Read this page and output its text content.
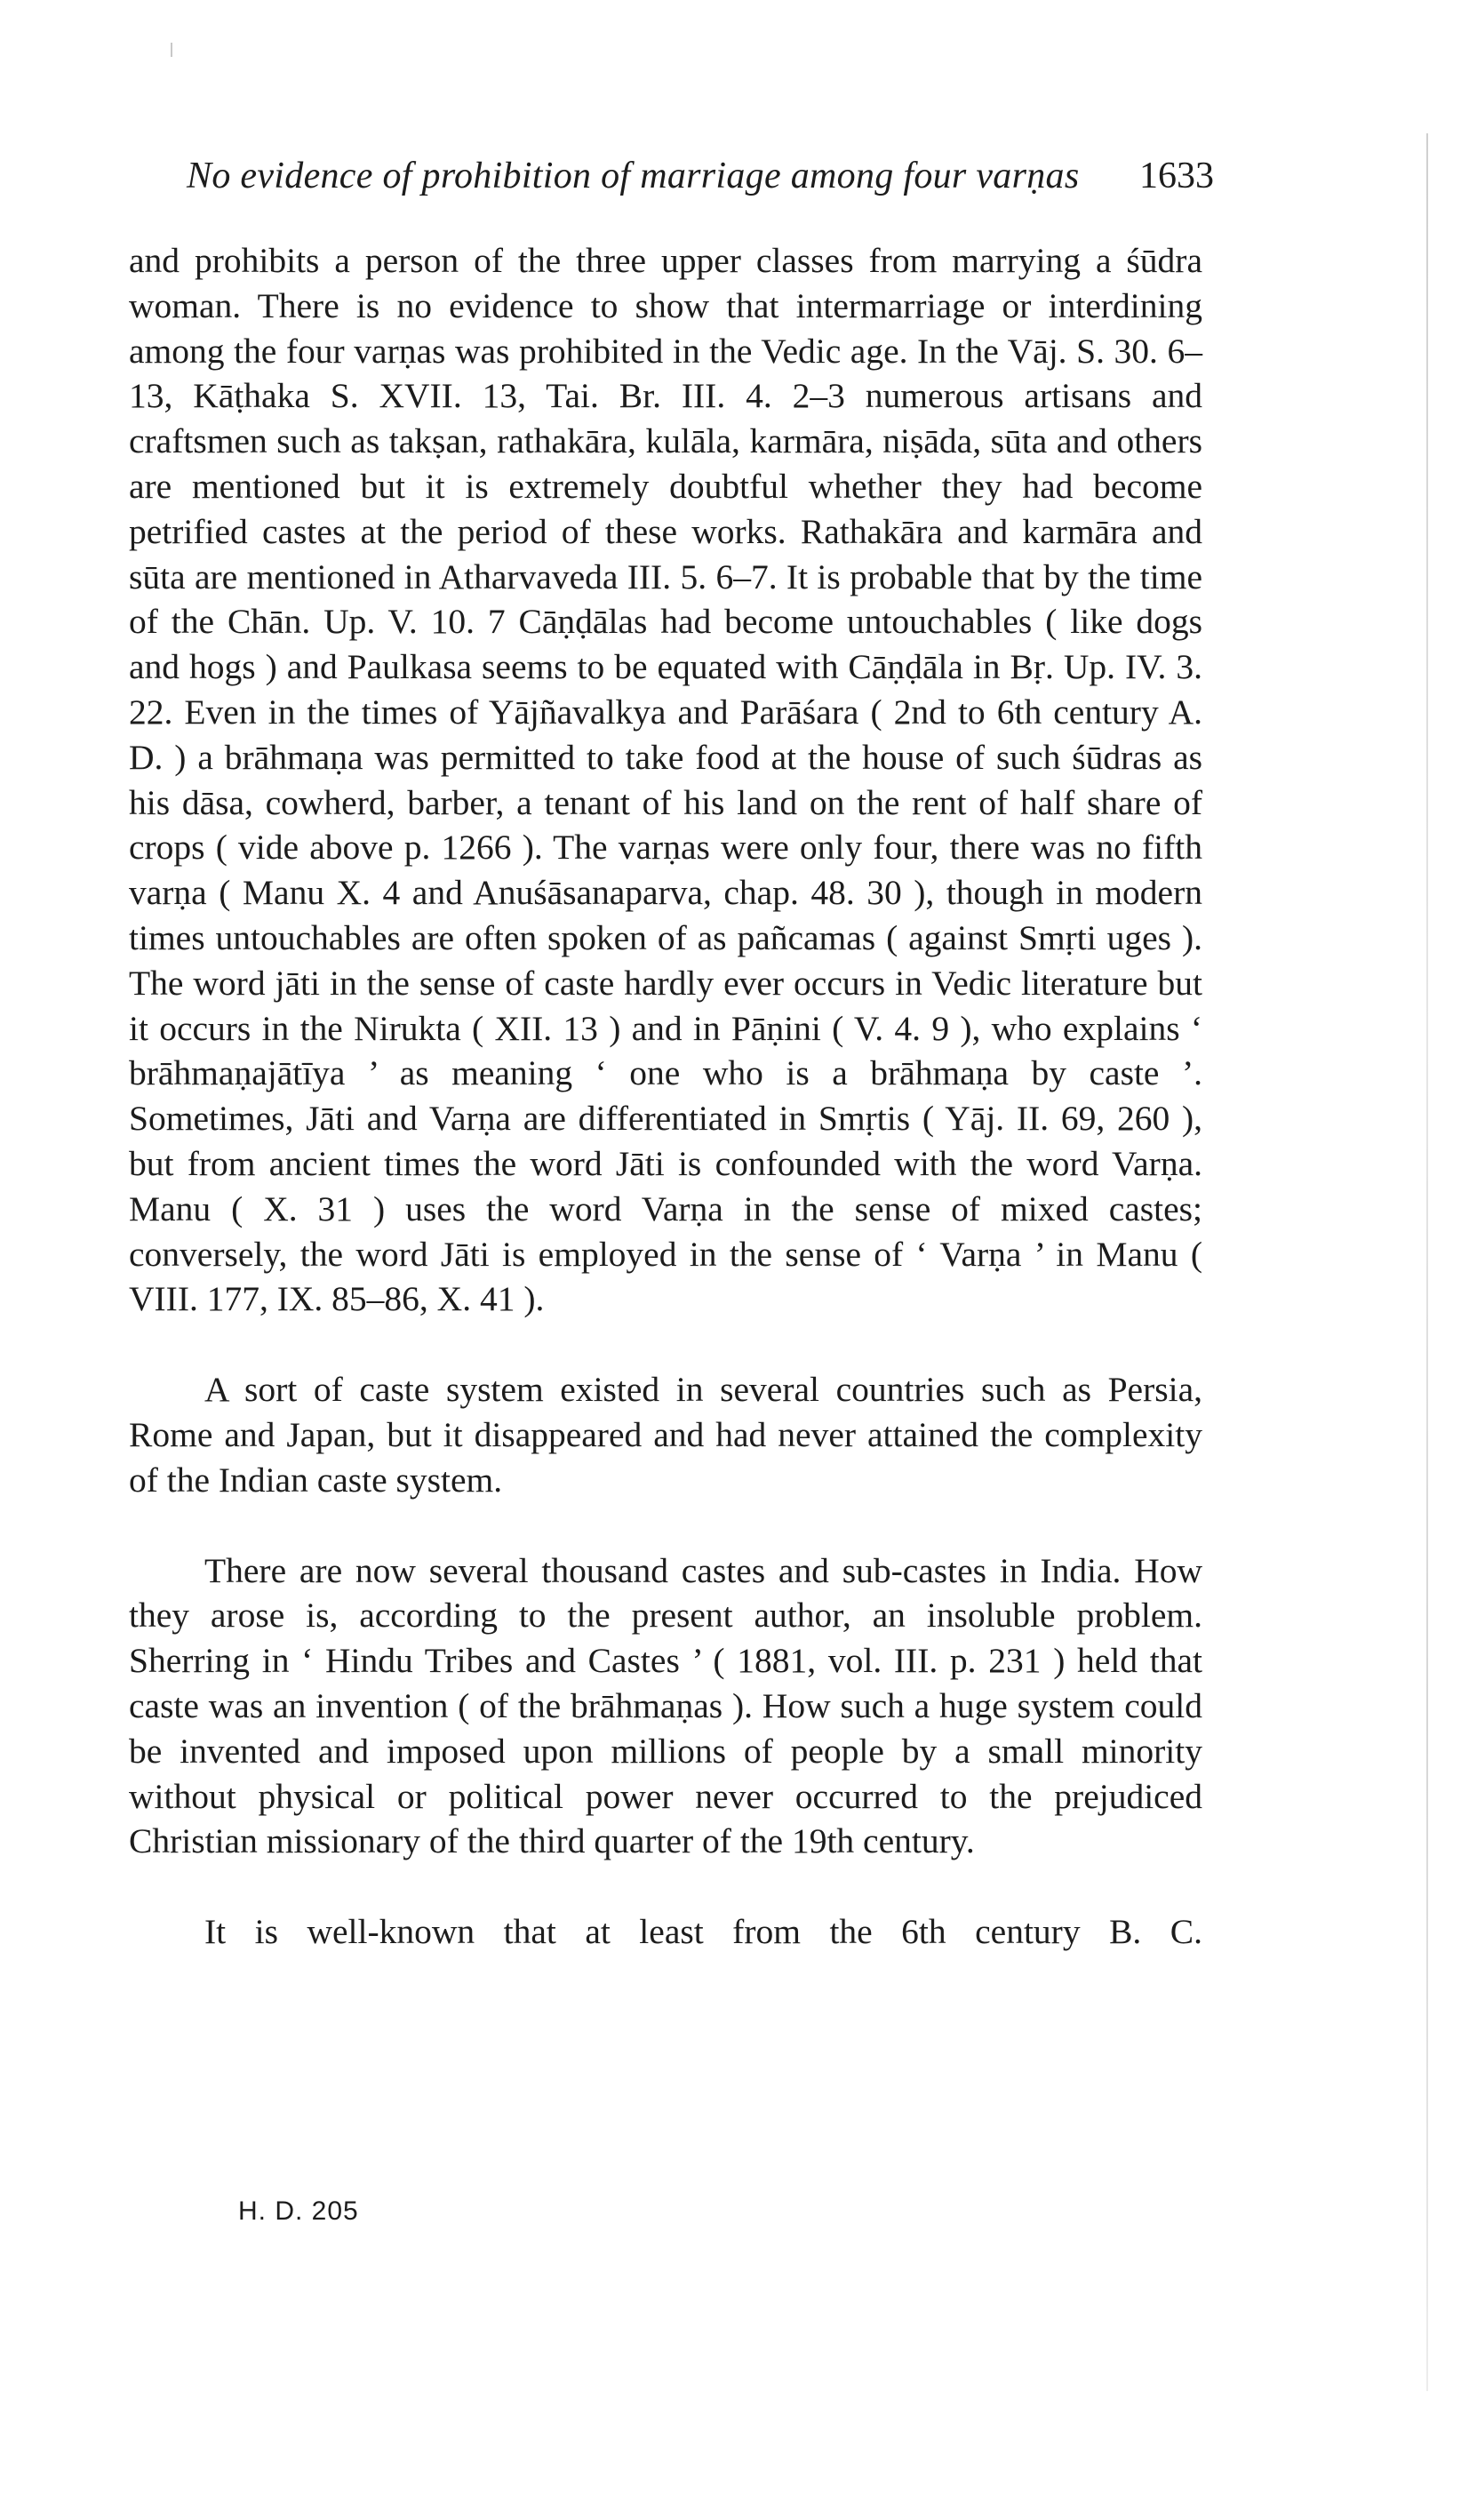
No evidence of prohibition of marriage among four varṇas 1633

and prohibits a person of the three upper classes from marrying a śūdra woman. There is no evidence to show that intermarriage or interdining among the four varṇas was prohibited in the Vedic age. In the Vāj. S. 30. 6–13, Kāṭhaka S. XVII. 13, Tai. Br. III. 4. 2–3 numerous artisans and craftsmen such as takṣan, rathakāra, kulāla, karmāra, niṣāda, sūta and others are mentioned but it is extremely doubtful whether they had become petrified castes at the period of these works. Rathakāra and karmāra and sūta are mentioned in Atharvaveda III. 5. 6–7. It is probable that by the time of the Chān. Up. V. 10. 7 Cāṇḍālas had become untouchables ( like dogs and hogs ) and Paulkasa seems to be equated with Cāṇḍāla in Bṛ. Up. IV. 3. 22. Even in the times of Yājñavalkya and Parāśara ( 2nd to 6th century A. D. ) a brāhmaṇa was permitted to take food at the house of such śūdras as his dāsa, cowherd, barber, a tenant of his land on the rent of half share of crops ( vide above p. 1266 ). The varṇas were only four, there was no fifth varṇa ( Manu X. 4 and Anuśāsanaparva, chap. 48. 30 ), though in modern times untouchables are often spoken of as pañcamas ( against Smṛti uges ). The word jāti in the sense of caste hardly ever occurs in Vedic literature but it occurs in the Nirukta ( XII. 13 ) and in Pāṇini ( V. 4. 9 ), who explains ‘ brāhmaṇajātīya ’ as meaning ‘ one who is a brāhmaṇa by caste ’. Sometimes, Jāti and Varṇa are differentiated in Smṛtis ( Yāj. II. 69, 260 ), but from ancient times the word Jāti is confounded with the word Varṇa. Manu ( X. 31 ) uses the word Varṇa in the sense of mixed castes; conversely, the word Jāti is employed in the sense of ‘ Varṇa ’ in Manu ( VIII. 177, IX. 85–86, X. 41 ).

A sort of caste system existed in several countries such as Persia, Rome and Japan, but it disappeared and had never attained the complexity of the Indian caste system.

There are now several thousand castes and sub-castes in India. How they arose is, according to the present author, an insoluble problem. Sherring in ‘ Hindu Tribes and Castes ’ ( 1881, vol. III. p. 231 ) held that caste was an invention ( of the brāhmaṇas ). How such a huge system could be invented and imposed upon millions of people by a small minority without physical or political power never occurred to the prejudiced Christian missionary of the third quarter of the 19th century.

It is well-known that at least from the 6th century B. C.

H. D. 205
